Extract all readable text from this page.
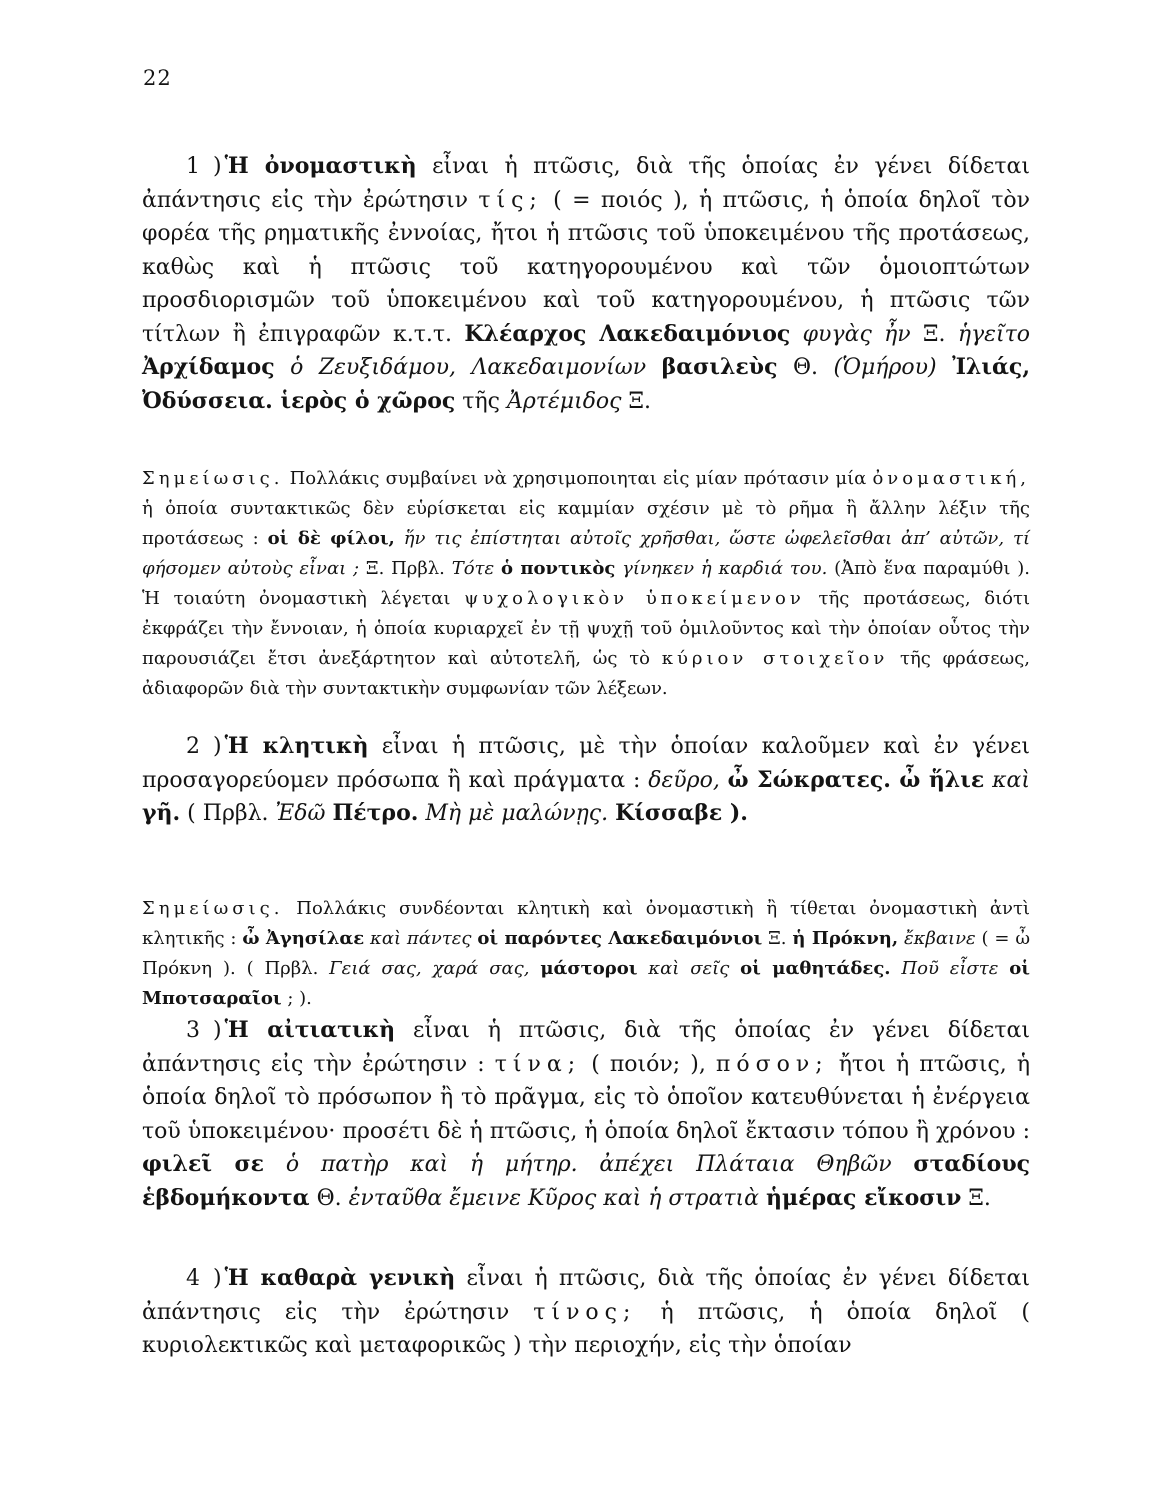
22

1 )Ἡ ὀνομαστικὴ εἶναι ἡ πτῶσις, διὰ τῆς ὁποίας ἐν γένει δίδεται ἀπάντησις εἰς τὴν ἐρώτησιν τίς; ( = ποιός ), ἡ πτῶσις, ἡ ὁποία δηλοῖ τὸν φορέα τῆς ρηματικῆς ἐννοίας, ἤτοι ἡ πτῶσις τοῦ ὑποκειμένου τῆς προτάσεως, καθὼς καὶ ἡ πτῶσις τοῦ κατηγορουμένου καὶ τῶν ὁμοιοπτώτων προσδιορισμῶν τοῦ ὑποκειμένου καὶ τοῦ κατηγορουμένου, ἡ πτῶσις τῶν τίτλων ἢ ἐπιγραφῶν κ.τ.τ. Κλέαρχος Λακεδαιμόνιος φυγὰς ἦν Ξ. ἡγεῖτο Ἀρχίδαμος ὁ Ζευξιδάμου, Λακεδαιμονίων βασιλεὺς Θ. (Ὁμήρου) Ἰλιάς, Ὀδύσσεια. ἱερὸς ὁ χῶρος τῆς Ἀρτέμιδος Ξ.

Σημείωσις. Πολλάκις συμβαίνει νὰ χρησιμοποιηται εἰς μίαν πρότασιν μία ὀνομαστική, ἡ ὁποία συντακτικῶς δὲν εὑρίσκεται εἰς καμμίαν σχέσιν μὲ τὸ ρῆμα ἢ ἄλλην λέξιν τῆς προτάσεως : οἱ δὲ φίλοι, ἥν τις ἐπίστηται αὐτοῖς χρῆσθαι, ὥστε ὠφελεῖσθαι ἀπ’ αὐτῶν, τί φήσομεν αὐτοὺς εἶναι ; Ξ. Πρβλ. Τότε ὁ ποντικὸς γίνηκεν ἡ καρδιά του. (Ἀπὸ ἕνα παραμύθι ). Ἡ τοιαύτη ὀνομαστικὴ λέγεται ψυχολογικὸν ὑποκείμενον τῆς προτάσεως, διότι ἐκφράζει τὴν ἔννοιαν, ἡ ὁποία κυριαρχεῖ ἐν τῇ ψυχῇ τοῦ ὁμιλοῦντος καὶ τὴν ὁποίαν οὗτος τὴν παρουσιάζει ἔτσι ἀνεξάρτητον καὶ αὐτοτελῆ, ὡς τὸ κύριον στοιχεῖον τῆς φράσεως, ἀδιαφορῶν διὰ τὴν συντακτικὴν συμφωνίαν τῶν λέξεων.

2 )Ἡ κλητικὴ εἶναι ἡ πτῶσις, μὲ τὴν ὁποίαν καλοῦμεν καὶ ἐν γένει προσαγορεύομεν πρόσωπα ἢ καὶ πράγματα : δεῦρο, ὦ Σώκρατες. ὦ ἥλιε καὶ γῆ. ( Πρβλ. Ἐδῶ Πέτρο. Μὴ μὲ μαλώνῃς. Κίσσαβε ).

Σημείωσις. Πολλάκις συνδέονται κλητικὴ καὶ ὀνομαστικὴ ἢ τίθεται ὀνομαστικὴ ἀντὶ κλητικῆς : ὦ Ἀγησίλαε καὶ πάντες οἱ παρόντες Λακεδαιμόνιοι Ξ. ἡ Πρόκνη, ἔκβαινε ( = ὦ Πρόκνη ). ( Πρβλ. Γειά σας, χαρά σας, μάστοροι καὶ σεῖς οἱ μαθητάδες. Ποῦ εἶστε οἱ Μποτσαραῖοι ; ).

3 )Ἡ αἰτιατικὴ εἶναι ἡ πτῶσις, διὰ τῆς ὁποίας ἐν γένει δίδεται ἀπάντησις εἰς τὴν ἐρώτησιν : τίνα; ( ποιόν; ), πόσον; ἤτοι ἡ πτῶσις, ἡ ὁποία δηλοῖ τὸ πρόσωπον ἢ τὸ πρᾶγμα, εἰς τὸ ὁποῖον κατευθύνεται ἡ ἐνέργεια τοῦ ὑποκειμένου· προσέτι δὲ ἡ πτῶσις, ἡ ὁποία δηλοῖ ἔκτασιν τόπου ἢ χρόνου : φιλεῖ σε ὁ πατὴρ καὶ ἡ μήτηρ. ἀπέχει Πλάταια Θηβῶν σταδίους ἑβδομήκοντα Θ. ἐνταῦθα ἔμεινε Κῦρος καὶ ἡ στρατιὰ ἡμέρας εἴκοσιν Ξ.

4 )Ἡ καθαρὰ γενικὴ εἶναι ἡ πτῶσις, διὰ τῆς ὁποίας ἐν γένει δίδεται ἀπάντησις εἰς τὴν ἐρώτησιν τίνος; ἡ πτῶσις, ἡ ὁποία δηλοῖ ( κυριολεκτικῶς καὶ μεταφορικῶς ) τὴν περιοχήν, εἰς τὴν ὁποίαν
